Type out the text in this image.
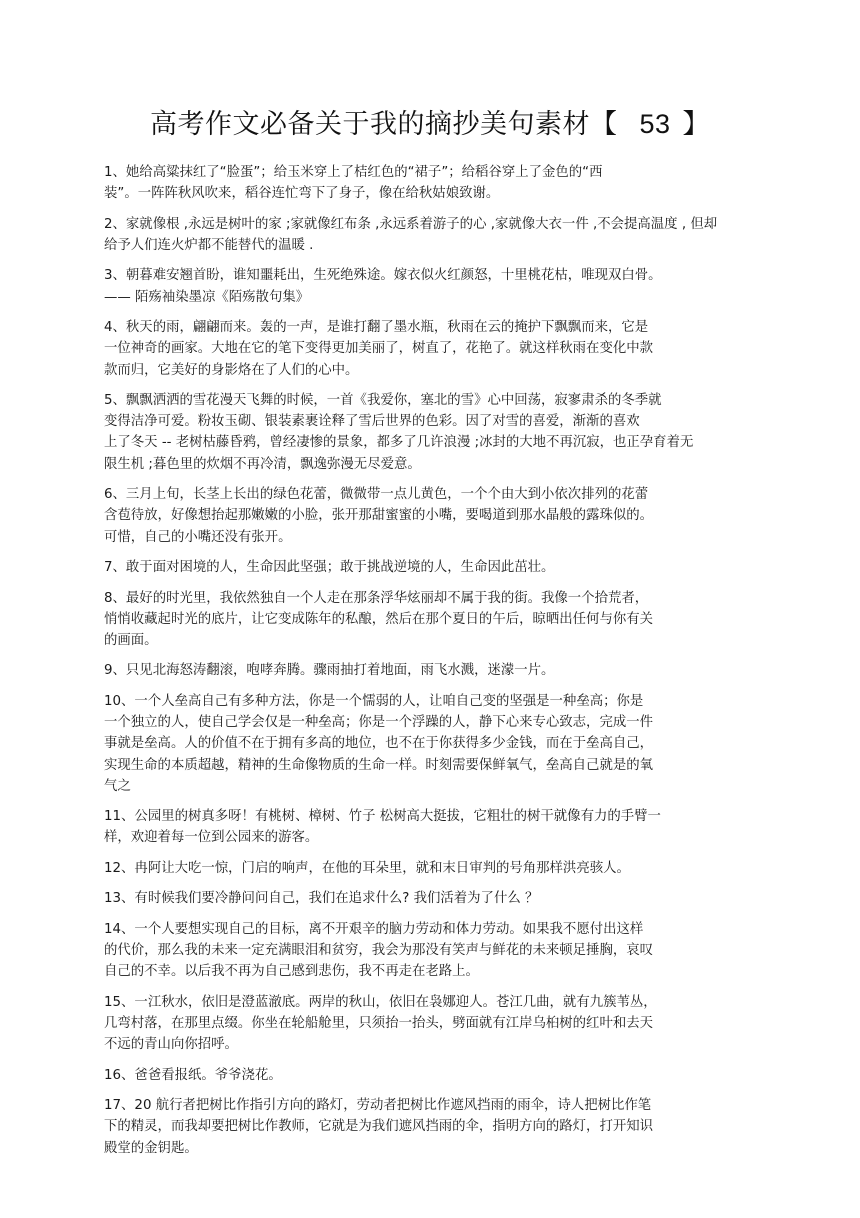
高考作文必备关于我的摘抄美句素材【 53 】
1、她给高粱抹红了“脸蛋”；给玉米穿上了桔红色的“裙子”；给稻谷穿上了金色的“西
装”。一阵阵秋风吹来，稻谷连忙弯下了身子，像在给秋姑娘致谢。
2、家就像根 ,永远是树叶的家 ;家就像红布条 ,永远系着游子的心 ,家就像大衣一件 ,不会提高温度 , 但却
给予人们连火炉都不能替代的温暖 .
3、朝暮难安翘首盼，谁知噩耗出，生死绝殊途。嫁衣似火红颜怒，十里桃花枯，唯现双白骨。
—— 陌殇袖染墨凉《陌殇散句集》
4、秋天的雨，翩翩而来。轰的一声，是谁打翻了墨水瓶，秋雨在云的掩护下飘飘而来，它是
一位神奇的画家。大地在它的笔下变得更加美丽了，树直了，花艳了。就这样秋雨在变化中款
款而归，它美好的身影烙在了人们的心中。
5、飘飘洒洒的雪花漫天飞舞的时候，一首《我爱你，塞北的雪》心中回荡，寂寥肃杀的冬季就
变得洁净可爱。粉妆玉砌、银装素裹诠释了雪后世界的色彩。因了对雪的喜爱，渐渐的喜欢
上了冬天 -- 老树枯藤昏鸦，曾经凄惨的景象，都多了几许浪漫 ;冰封的大地不再沉寂，也正孕育着无
限生机 ;暮色里的炊烟不再冷清，飘逸弥漫无尽爱意。
6、三月上旬，长茎上长出的绿色花蕾，微微带一点儿黄色，一个个由大到小依次排列的花蕾
含苞待放，好像想抬起那嫩嫩的小脸，张开那甜蜜蜜的小嘴，要喝道到那水晶般的露珠似的。
可惜，自己的小嘴还没有张开。
7、敢于面对困境的人，生命因此坚强；敢于挑战逆境的人，生命因此茁壮。
8、最好的时光里，我依然独自一个人走在那条浮华炫丽却不属于我的街。我像一个拾荒者，
悄悄收藏起时光的底片，让它变成陈年的私酿，然后在那个夏日的午后，晾晒出任何与你有关
的画面。
9、只见北海怒涛翻滚，咆哮奔腾。骤雨抽打着地面，雨飞水溅，迷濛一片。
10、一个人垒高自己有多种方法，你是一个懦弱的人，让咱自己变的坚强是一种垒高；你是
一个独立的人，使自己学会仅是一种垒高；你是一个浮躁的人，静下心来专心致志，完成一件
事就是垒高。人的价值不在于拥有多高的地位，也不在于你获得多少金钱，而在于垒高自己，
实现生命的本质超越，精神的生命像物质的生命一样。时刻需要保鲜氧气，垒高自己就是的氧
气之
11、公园里的树真多呀！有桃树、樟树、竹子 松树高大挺拔，它粗壮的树干就像有力的手臂一
样，欢迎着每一位到公园来的游客。
12、冉阿让大吃一惊，门启的响声，在他的耳朵里，就和末日审判的号角那样洪亮骇人。
13、有时候我们要冷静问问自己，我们在追求什么? 我们活着为了什么 ？
14、一个人要想实现自己的目标，离不开艰辛的脑力劳动和体力劳动。如果我不愿付出这样
的代价，那么我的未来一定充满眼泪和贫穷，我会为那没有笑声与鲜花的未来顿足捶胸，哀叹
自己的不幸。以后我不再为自己感到悲伤，我不再走在老路上。
15、一江秋水，依旧是澄蓝澈底。两岸的秋山，依旧在袅娜迎人。苍江几曲，就有九簇苇丛，
几弯村落，在那里点缀。你坐在轮船舱里，只须抬一抬头，劈面就有江岸乌桕树的红叶和去天
不远的青山向你招呼。
16、爸爸看报纸。爷爷浇花。
17、20 航行者把树比作指引方向的路灯，劳动者把树比作遮风挡雨的雨伞，诗人把树比作笔
下的精灵，而我却要把树比作教师，它就是为我们遮风挡雨的伞，指明方向的路灯，打开知识
殿堂的金钥匙。
